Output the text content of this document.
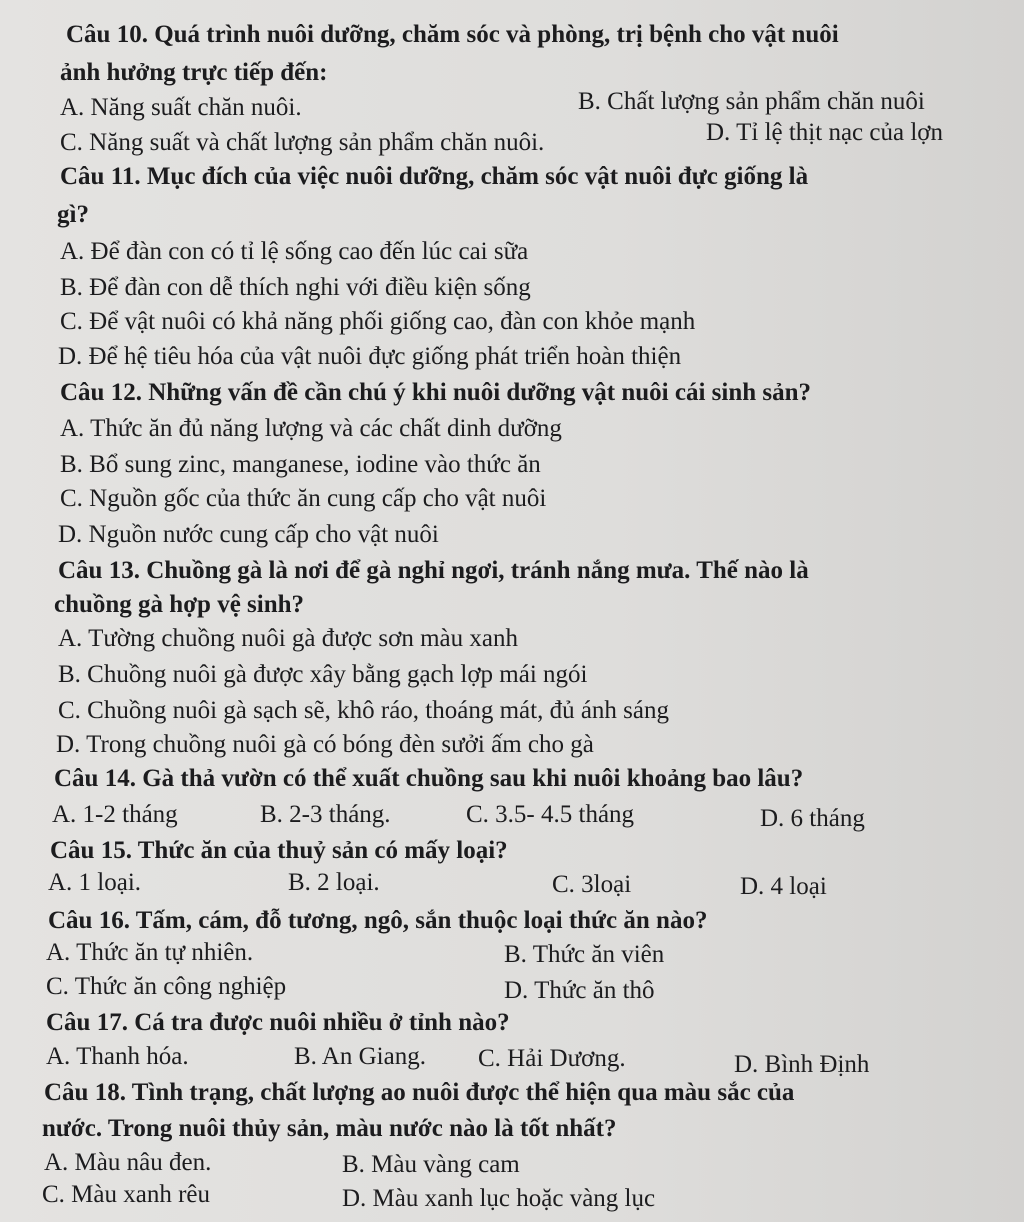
Câu 10. Quá trình nuôi dưỡng, chăm sóc và phòng, trị bệnh cho vật nuôi
ảnh hưởng trực tiếp đến:
A. Năng suất chăn nuôi.	B. Chất lượng sản phẩm chăn nuôi
C. Năng suất và chất lượng sản phẩm chăn nuôi.	D. Tỉ lệ thịt nạc của lợn
Câu 11. Mục đích của việc nuôi dưỡng, chăm sóc vật nuôi đực giống là
gì?
A. Để đàn con có tỉ lệ sống cao đến lúc cai sữa
B. Để đàn con dễ thích nghi với điều kiện sống
C. Để vật nuôi có khả năng phối giống cao, đàn con khỏe mạnh
D. Để hệ tiêu hóa của vật nuôi đực giống phát triển hoàn thiện
Câu 12. Những vấn đề cần chú ý khi nuôi dưỡng vật nuôi cái sinh sản?
A. Thức ăn đủ năng lượng và các chất dinh dưỡng
B. Bổ sung zinc, manganese, iodine vào thức ăn
C. Nguồn gốc của thức ăn cung cấp cho vật nuôi
D. Nguồn nước cung cấp cho vật nuôi
Câu 13. Chuồng gà là nơi để gà nghỉ ngơi, tránh nắng mưa. Thế nào là
chuồng gà hợp vệ sinh?
A. Tường chuồng nuôi gà được sơn màu xanh
B. Chuồng nuôi gà được xây bằng gạch lợp mái ngói
C. Chuồng nuôi gà sạch sẽ, khô ráo, thoáng mát, đủ ánh sáng
D. Trong chuồng nuôi gà có bóng đèn sưởi ấm cho gà
Câu 14. Gà thả vườn có thể xuất chuồng sau khi nuôi khoảng bao lâu?
A. 1-2 tháng	B. 2-3 tháng.	C. 3.5- 4.5 tháng	D. 6 tháng
Câu 15. Thức ăn của thuỷ sản có mấy loại?
A. 1 loại.	B. 2 loại.	C. 3loại	D. 4 loại
Câu 16. Tấm, cám, đỗ tương, ngô, sắn thuộc loại thức ăn nào?
A. Thức ăn tự nhiên.	B. Thức ăn viên
C. Thức ăn công nghiệp	D. Thức ăn thô
Câu 17. Cá tra được nuôi nhiều ở tỉnh nào?
A. Thanh hóa.	B. An Giang. C. Hải Dương.	D. Bình Định
Câu 18. Tình trạng, chất lượng ao nuôi được thể hiện qua màu sắc của
nước. Trong nuôi thủy sản, màu nước nào là tốt nhất?
A. Màu nâu đen.	B. Màu vàng cam
C. Màu xanh rêu	D. Màu xanh lục hoặc vàng lục
